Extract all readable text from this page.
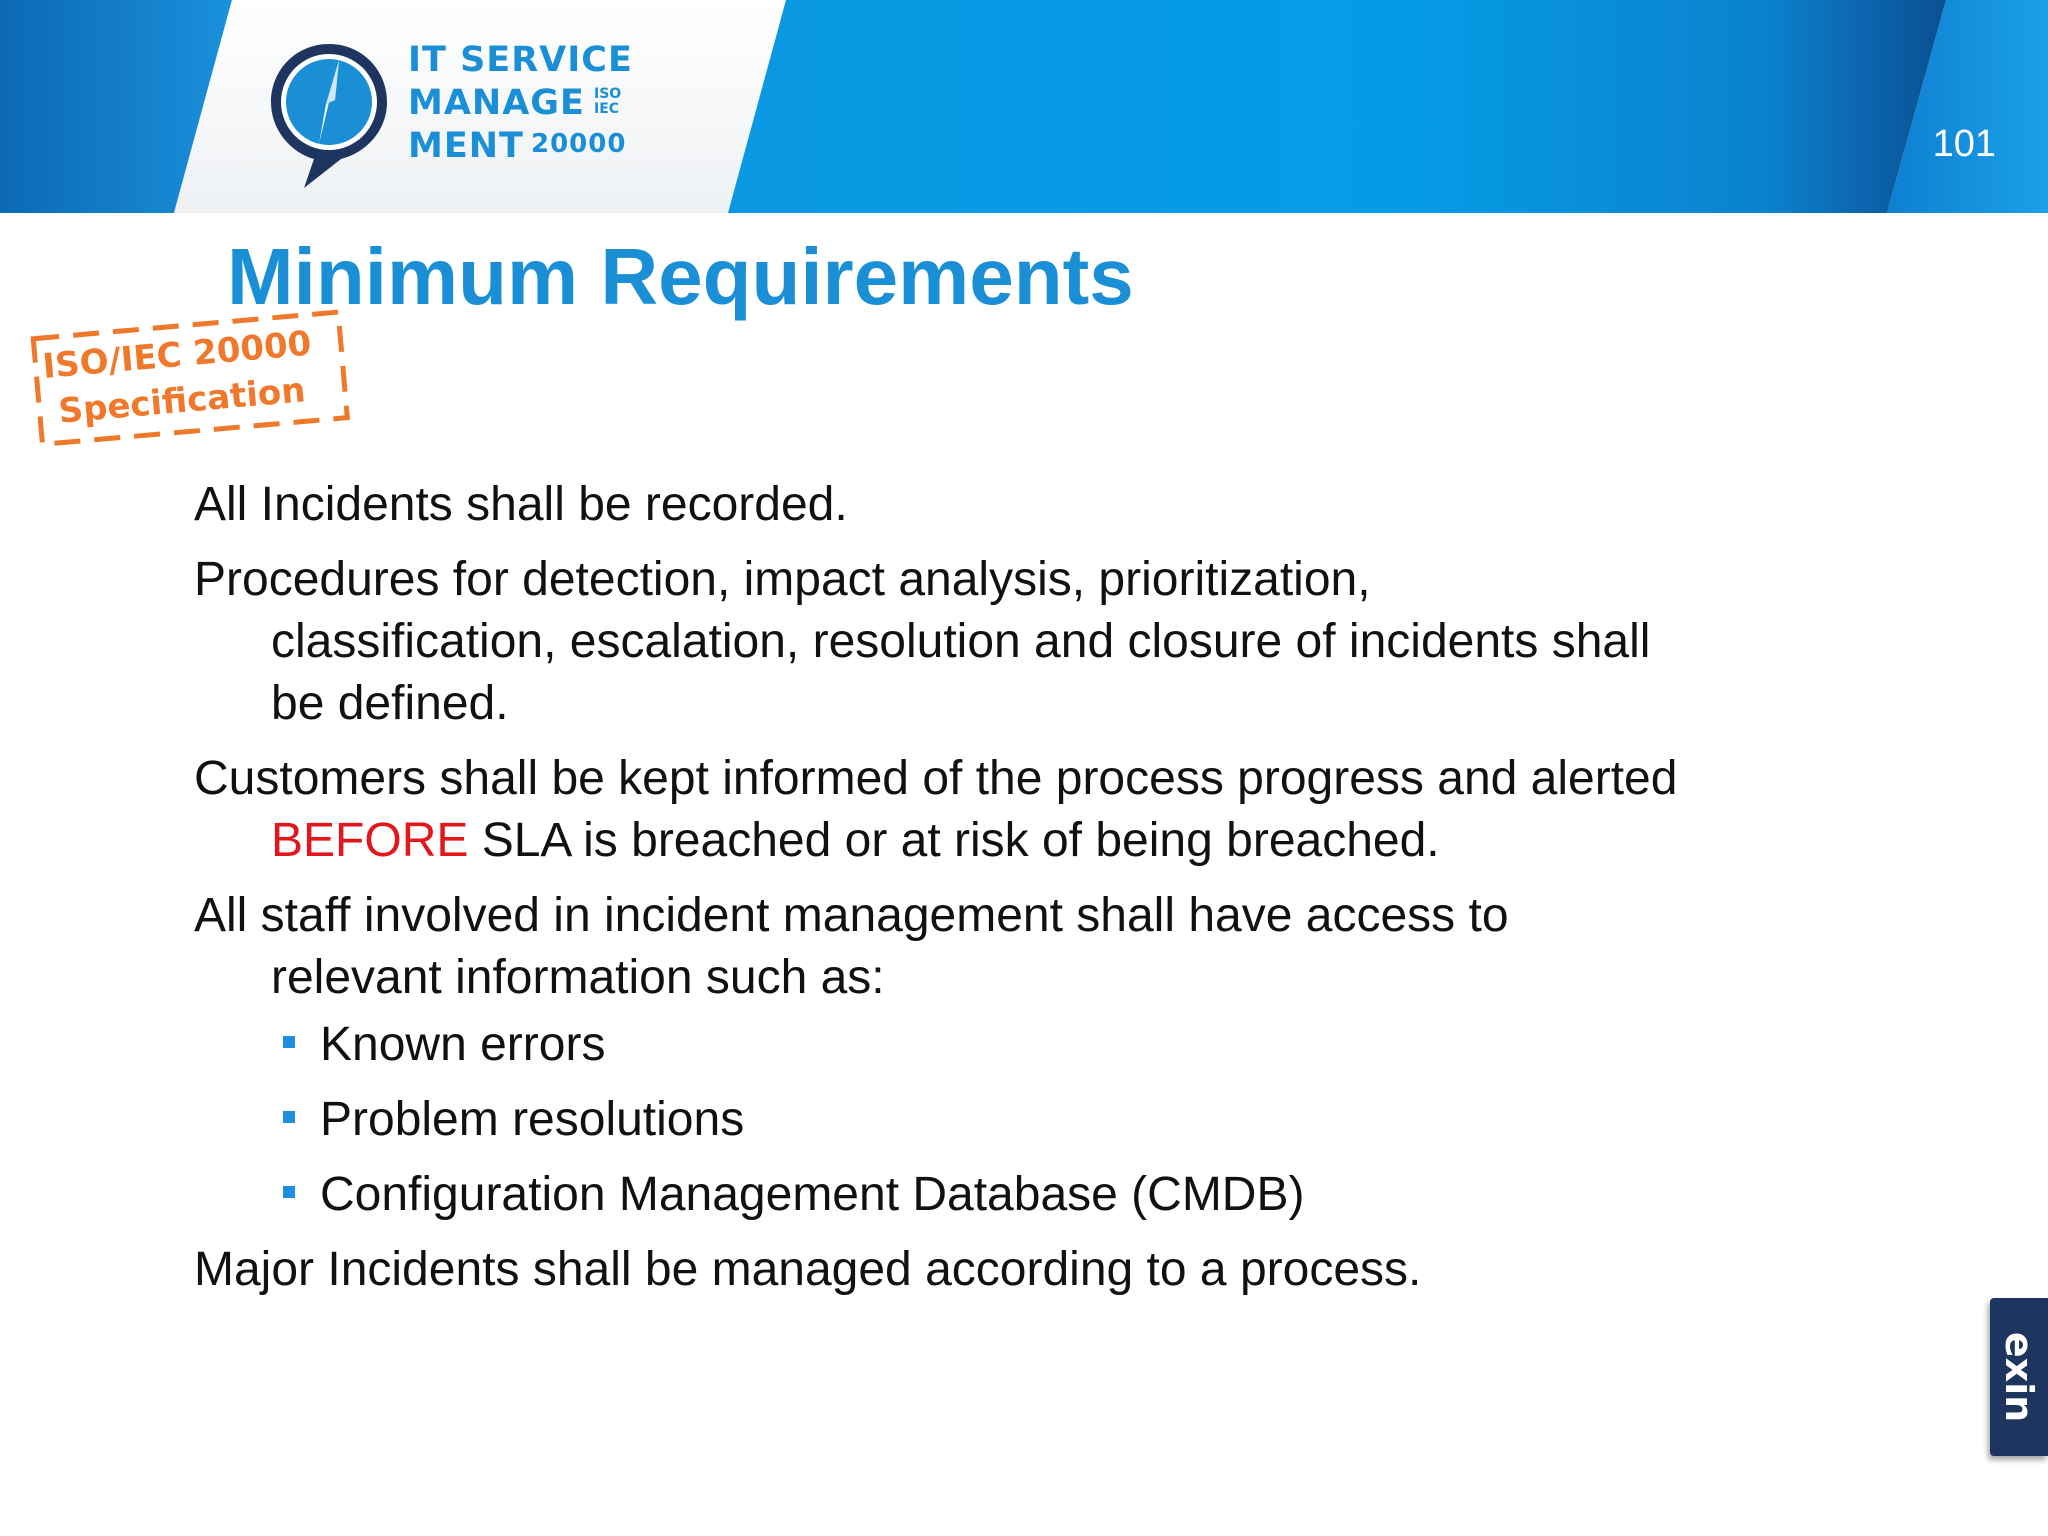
IT SERVICE
MANAGE ISO
IEC
MENT 20000	101
Minimum Requirements
ISO/IEC 20000
Specification

All Incidents shall be recorded.

Procedures for detection, impact analysis, prioritization, classification, escalation, resolution and closure of incidents shall be defined.

Customers shall be kept informed of the process progress and alerted BEFORE SLA is breached or at risk of being breached.

All staff involved in incident management shall have access to relevant information such as:

Known errors
Problem resolutions
Configuration Management Database (CMDB)

Major Incidents shall be managed according to a process.

exin
